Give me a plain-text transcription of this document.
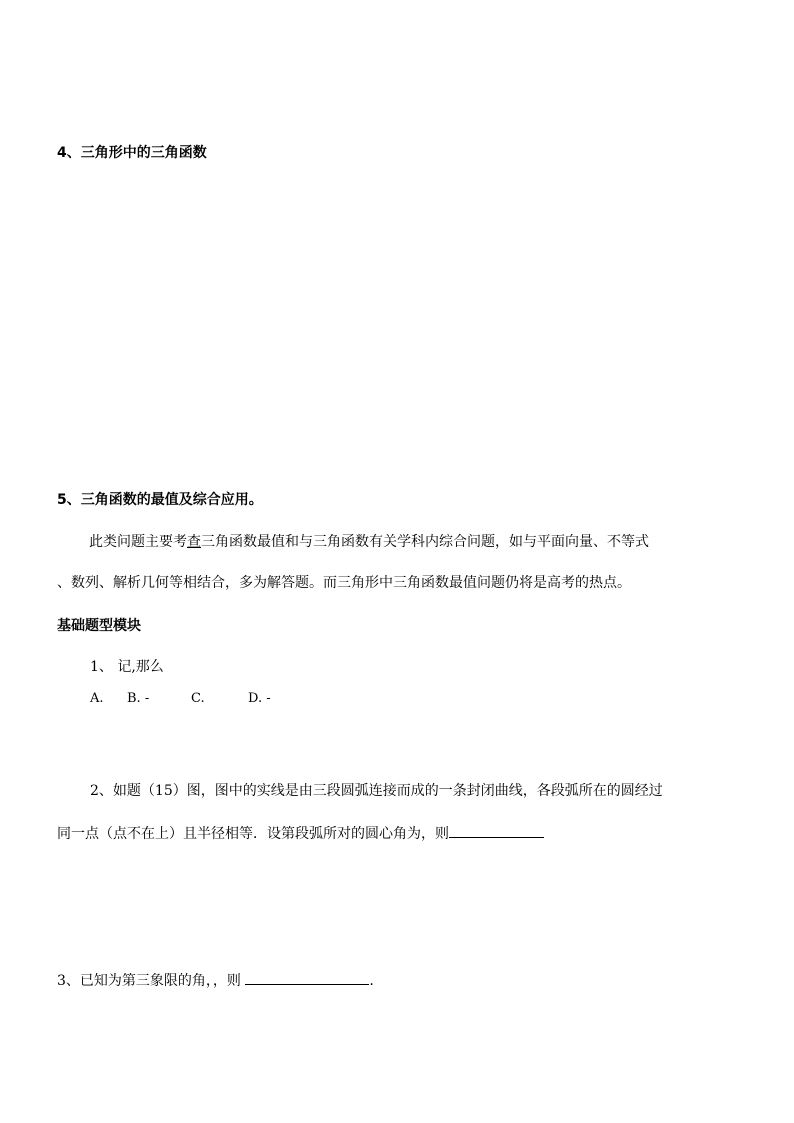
4、三角形中的三角函数
5、三角函数的最值及综合应用。
此类问题主要考查三角函数最值和与三角函数有关学科内综合问题，如与平面向量、不等式
、数列、解析几何等相结合，多为解答题。而三角形中三角函数最值问题仍将是高考的热点。
基础题型模块
1、 记,那么
A. B. -	C.	D. -
2、如题（15）图，图中的实线是由三段圆弧连接而成的一条封闭曲线，各段弧所在的圆经过
同一点（点不在上）且半径相等．设第段弧所对的圆心角为，则
3、已知为第三象限的角，，则	.
